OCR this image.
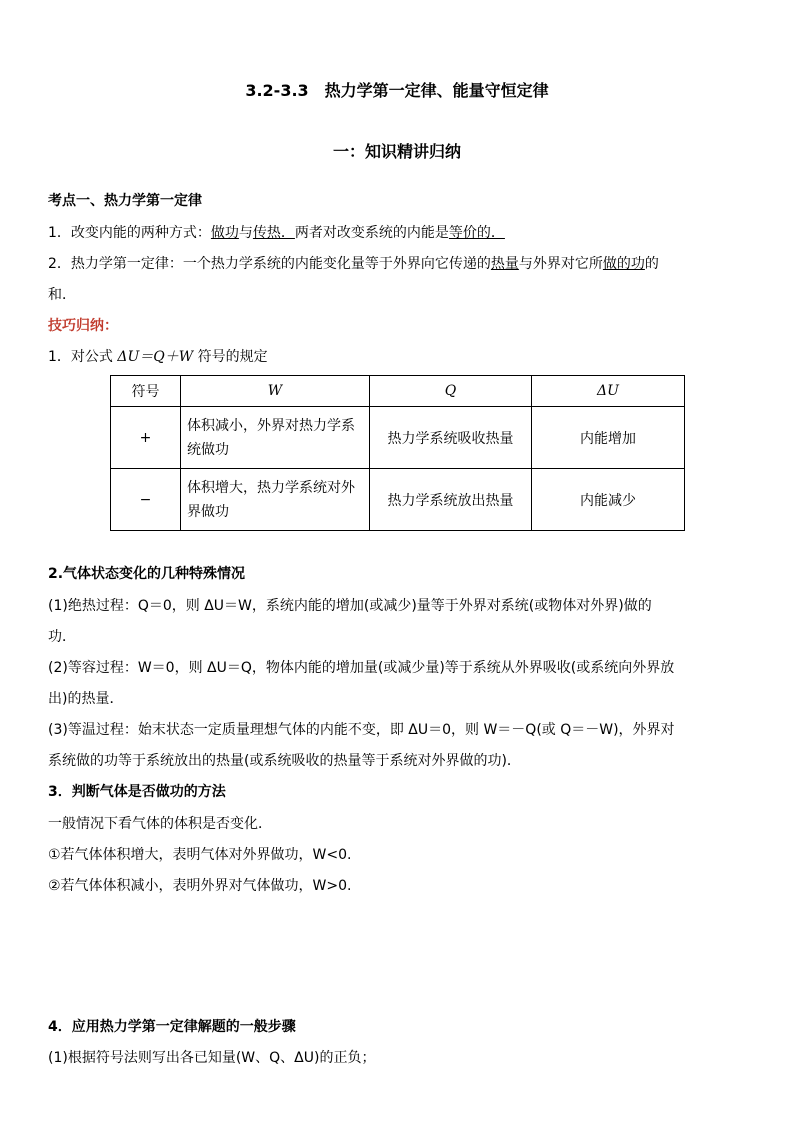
3.2-3.3　热力学第一定律、能量守恒定律
一：知识精讲归纳
考点一、热力学第一定律
1．改变内能的两种方式：做功与传热．两者对改变系统的内能是等价的．
2．热力学第一定律：一个热力学系统的内能变化量等于外界向它传递的热量与外界对它所做的功的
和．
技巧归纳：
1．对公式 ΔU＝Q＋W 符号的规定
符号	W	Q	ΔU
+	体积减小，外界对热力学系统做功	热力学系统吸收热量	内能增加
−	体积增大，热力学系统对外界做功	热力学系统放出热量	内能减少
2.气体状态变化的几种特殊情况
(1)绝热过程：Q＝0，则 ΔU＝W，系统内能的增加(或减少)量等于外界对系统(或物体对外界)做的
功．
(2)等容过程：W＝0，则 ΔU＝Q，物体内能的增加量(或减少量)等于系统从外界吸收(或系统向外界放
出)的热量．
(3)等温过程：始末状态一定质量理想气体的内能不变，即 ΔU＝0，则 W＝－Q(或 Q＝－W)，外界对
系统做的功等于系统放出的热量(或系统吸收的热量等于系统对外界做的功)．
3．判断气体是否做功的方法
一般情况下看气体的体积是否变化．
①若气体体积增大，表明气体对外界做功，W<0.
②若气体体积减小，表明外界对气体做功，W>0.
4．应用热力学第一定律解题的一般步骤
(1)根据符号法则写出各已知量(W、Q、ΔU)的正负；
